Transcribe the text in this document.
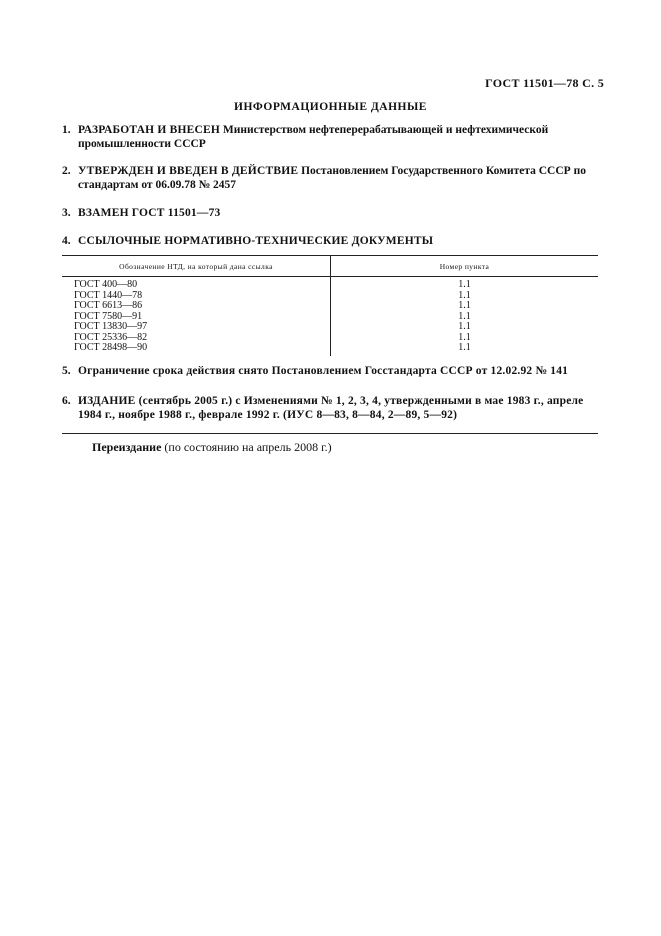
ГОСТ 11501—78 С. 5
ИНФОРМАЦИОННЫЕ ДАННЫЕ
1. РАЗРАБОТАН И ВНЕСЕН Министерством нефтеперерабатывающей и нефтехимической промышленности СССР
2. УТВЕРЖДЕН И ВВЕДЕН В ДЕЙСТВИЕ Постановлением Государственного Комитета СССР по стандартам от 06.09.78 № 2457
3. ВЗАМЕН ГОСТ 11501—73
4. ССЫЛОЧНЫЕ НОРМАТИВНО-ТЕХНИЧЕСКИЕ ДОКУМЕНТЫ
Обозначение НТД, на который дана ссылка	Номер пункта
ГОСТ 400—80	1.1
ГОСТ 1440—78	1.1
ГОСТ 6613—86	1.1
ГОСТ 7580—91	1.1
ГОСТ 13830—97	1.1
ГОСТ 25336—82	1.1
ГОСТ 28498—90	1.1
5. Ограничение срока действия снято Постановлением Госстандарта СССР от 12.02.92 № 141
6. ИЗДАНИЕ (сентябрь 2005 г.) с Изменениями № 1, 2, 3, 4, утвержденными в мае 1983 г., апреле 1984 г., ноябре 1988 г., феврале 1992 г. (ИУС 8—83, 8—84, 2—89, 5—92)
Переиздание (по состоянию на апрель 2008 г.)
